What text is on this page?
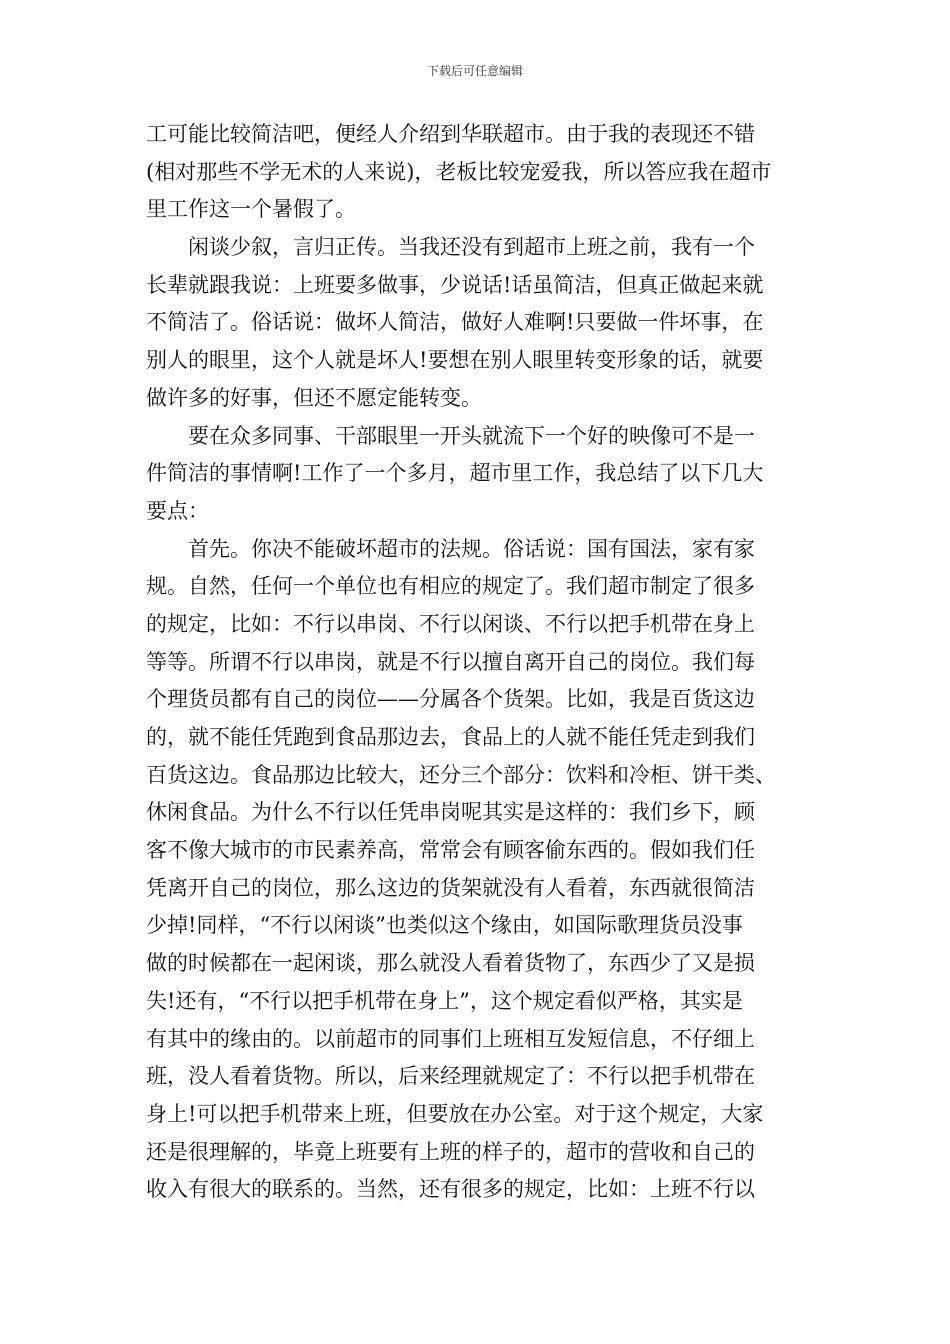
下载后可任意编辑
工可能比较简洁吧，便经人介绍到华联超市。由于我的表现还不错
(相对那些不学无术的人来说)，老板比较宠爱我，所以答应我在超市
里工作这一个暑假了。
闲谈少叙，言归正传。当我还没有到超市上班之前，我有一个
长辈就跟我说：上班要多做事，少说话!话虽简洁，但真正做起来就
不简洁了。俗话说：做坏人简洁，做好人难啊!只要做一件坏事，在
别人的眼里，这个人就是坏人!要想在别人眼里转变形象的话，就要
做许多的好事，但还不愿定能转变。
要在众多同事、干部眼里一开头就流下一个好的映像可不是一
件简洁的事情啊!工作了一个多月，超市里工作，我总结了以下几大
要点：
首先。你决不能破坏超市的法规。俗话说：国有国法，家有家
规。自然，任何一个单位也有相应的规定了。我们超市制定了很多
的规定，比如：不行以串岗、不行以闲谈、不行以把手机带在身上
等等。所谓不行以串岗，就是不行以擅自离开自己的岗位。我们每
个理货员都有自己的岗位——分属各个货架。比如，我是百货这边
的，就不能任凭跑到食品那边去，食品上的人就不能任凭走到我们
百货这边。食品那边比较大，还分三个部分：饮料和冷柜、饼干类、
休闲食品。为什么不行以任凭串岗呢其实是这样的：我们乡下，顾
客不像大城市的市民素养高，常常会有顾客偷东西的。假如我们任
凭离开自己的岗位，那么这边的货架就没有人看着，东西就很简洁
少掉!同样，“不行以闲谈”也类似这个缘由，如国际歌理货员没事
做的时候都在一起闲谈，那么就没人看着货物了，东西少了又是损
失!还有，“不行以把手机带在身上”，这个规定看似严格，其实是
有其中的缘由的。以前超市的同事们上班相互发短信息，不仔细上
班，没人看着货物。所以，后来经理就规定了：不行以把手机带在
身上!可以把手机带来上班，但要放在办公室。对于这个规定，大家
还是很理解的，毕竟上班要有上班的样子的，超市的营收和自己的
收入有很大的联系的。当然，还有很多的规定，比如：上班不行以
